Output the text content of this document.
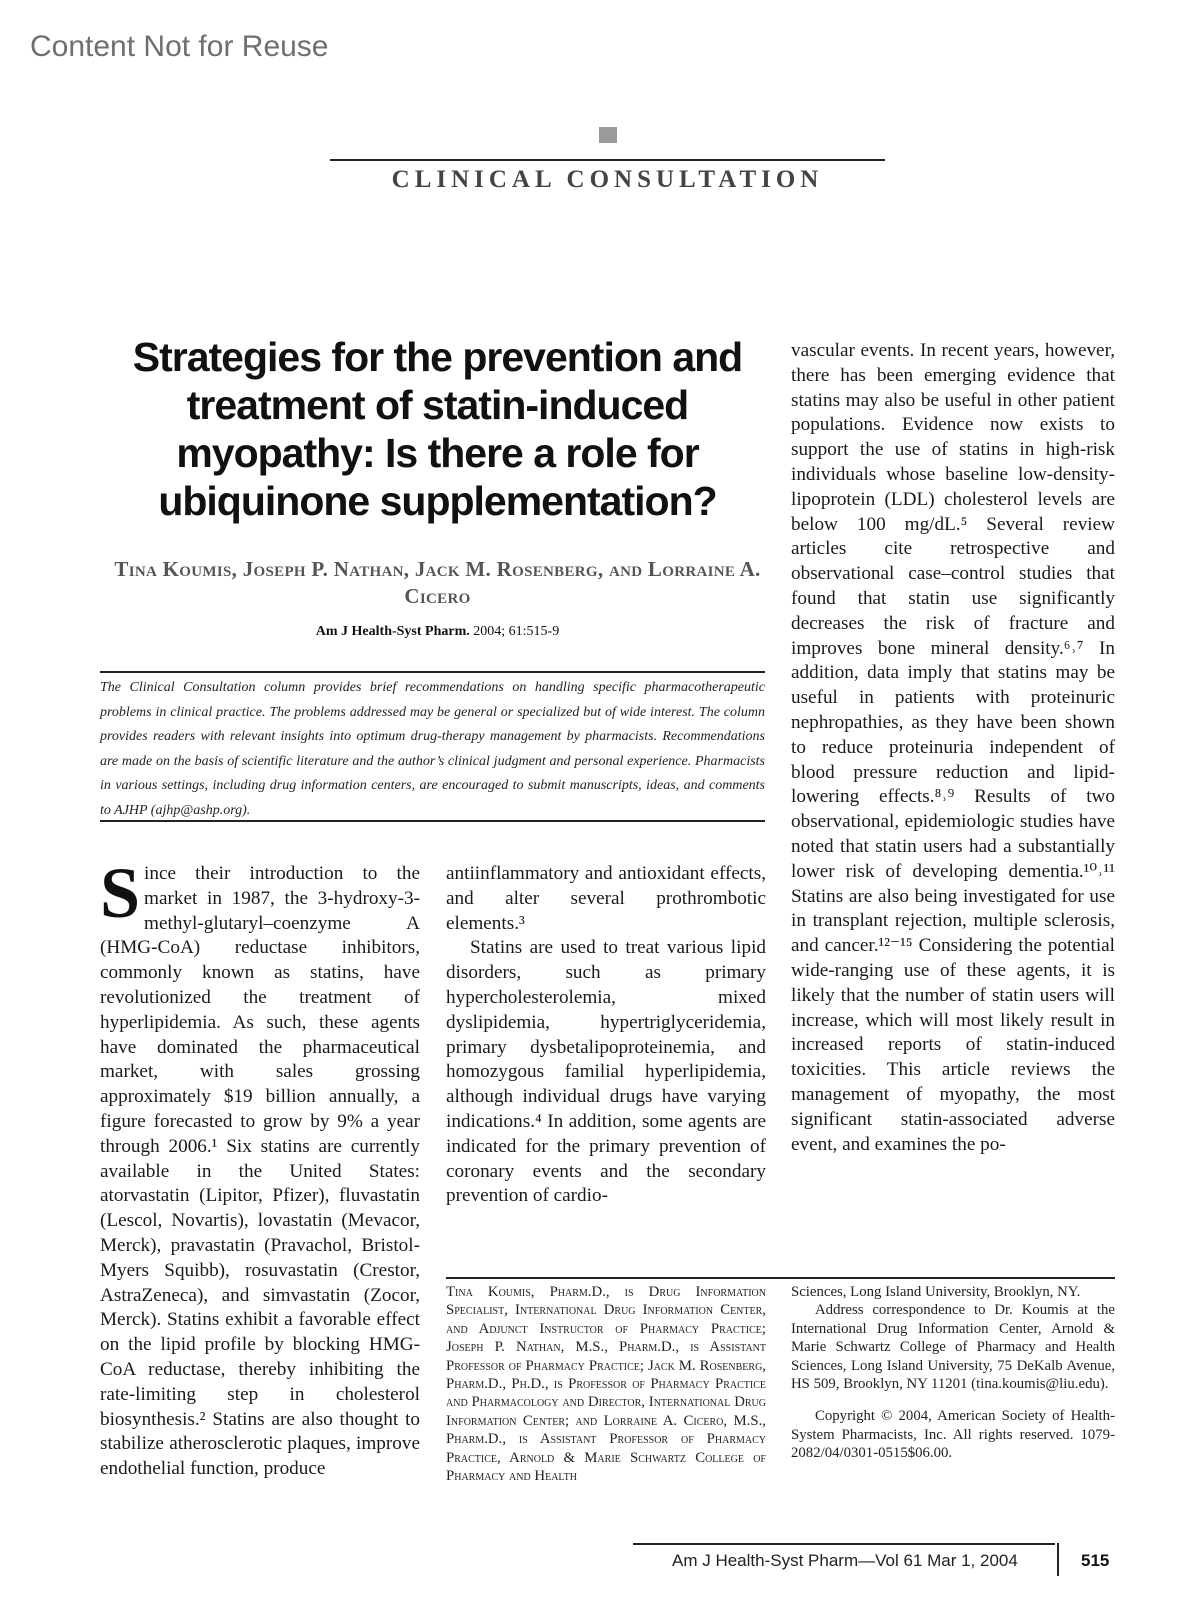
Content Not for Reuse
CLINICAL CONSULTATION
Strategies for the prevention and treatment of statin-induced myopathy: Is there a role for ubiquinone supplementation?
Tina Koumis, Joseph P. Nathan, Jack M. Rosenberg, and Lorraine A. Cicero
Am J Health-Syst Pharm. 2004; 61:515-9
The Clinical Consultation column provides brief recommendations on handling specific pharmacotherapeutic problems in clinical practice. The problems addressed may be general or specialized but of wide interest. The column provides readers with relevant insights into optimum drug-therapy management by pharmacists. Recommendations are made on the basis of scientific literature and the author’s clinical judgment and personal experience. Pharmacists in various settings, including drug information centers, are encouraged to submit manuscripts, ideas, and comments to AJHP (ajhp@ashp.org).
Since their introduction to the market in 1987, the 3-hydroxy-3-methyl-glutaryl–coenzyme A (HMG-CoA) reductase inhibitors, commonly known as statins, have revolutionized the treatment of hyperlipidemia. As such, these agents have dominated the pharmaceutical market, with sales grossing approximately $19 billion annually, a figure forecasted to grow by 9% a year through 2006.¹ Six statins are currently available in the United States: atorvastatin (Lipitor, Pfizer), fluvastatin (Lescol, Novartis), lovastatin (Mevacor, Merck), pravastatin (Pravachol, Bristol-Myers Squibb), rosuvastatin (Crestor, AstraZeneca), and simvastatin (Zocor, Merck). Statins exhibit a favorable effect on the lipid profile by blocking HMG-CoA reductase, thereby inhibiting the rate-limiting step in cholesterol biosynthesis.² Statins are also thought to stabilize atherosclerotic plaques, improve endothelial function, produce

antiinflammatory and antioxidant effects, and alter several prothrombotic elements.³

Statins are used to treat various lipid disorders, such as primary hypercholesterolemia, mixed dyslipidemia, hypertriglyceridemia, primary dysbetalipoproteinemia, and homozygous familial hyperlipidemia, although individual drugs have varying indications.⁴ In addition, some agents are indicated for the primary prevention of coronary events and the secondary prevention of cardio-

vascular events. In recent years, however, there has been emerging evidence that statins may also be useful in other patient populations. Evidence now exists to support the use of statins in high-risk individuals whose baseline low-density-lipoprotein (LDL) cholesterol levels are below 100 mg/dL.⁵ Several review articles cite retrospective and observational case–control studies that found that statin use significantly decreases the risk of fracture and improves bone mineral density.⁶˒⁷ In addition, data imply that statins may be useful in patients with proteinuric nephropathies, as they have been shown to reduce proteinuria independent of blood pressure reduction and lipid-lowering effects.⁸˒⁹ Results of two observational, epidemiologic studies have noted that statin users had a substantially lower risk of developing dementia.¹⁰˒¹¹ Statins are also being investigated for use in transplant rejection, multiple sclerosis, and cancer.¹²⁻¹⁵ Considering the potential wide-ranging use of these agents, it is likely that the number of statin users will increase, which will most likely result in increased reports of statin-induced toxicities. This article reviews the management of myopathy, the most significant statin-associated adverse event, and examines the po-

Tina Koumis, Pharm.D., is Drug Information Specialist, International Drug Information Center, and Adjunct Instructor of Pharmacy Practice; Joseph P. Nathan, M.S., Pharm.D., is Assistant Professor of Pharmacy Practice; Jack M. Rosenberg, Pharm.D., Ph.D., is Professor of Pharmacy Practice and Pharmacology and Director, International Drug Information Center; and Lorraine A. Cicero, M.S., Pharm.D., is Assistant Professor of Pharmacy Practice, Arnold & Marie Schwartz College of Pharmacy and Health

Sciences, Long Island University, Brooklyn, NY.

Address correspondence to Dr. Koumis at the International Drug Information Center, Arnold & Marie Schwartz College of Pharmacy and Health Sciences, Long Island University, 75 DeKalb Avenue, HS 509, Brooklyn, NY 11201 (tina.koumis@liu.edu).

Copyright © 2004, American Society of Health-System Pharmacists, Inc. All rights reserved. 1079-2082/04/0301-0515$06.00.

Am J Health-Syst Pharm—Vol 61 Mar 1, 2004	515
